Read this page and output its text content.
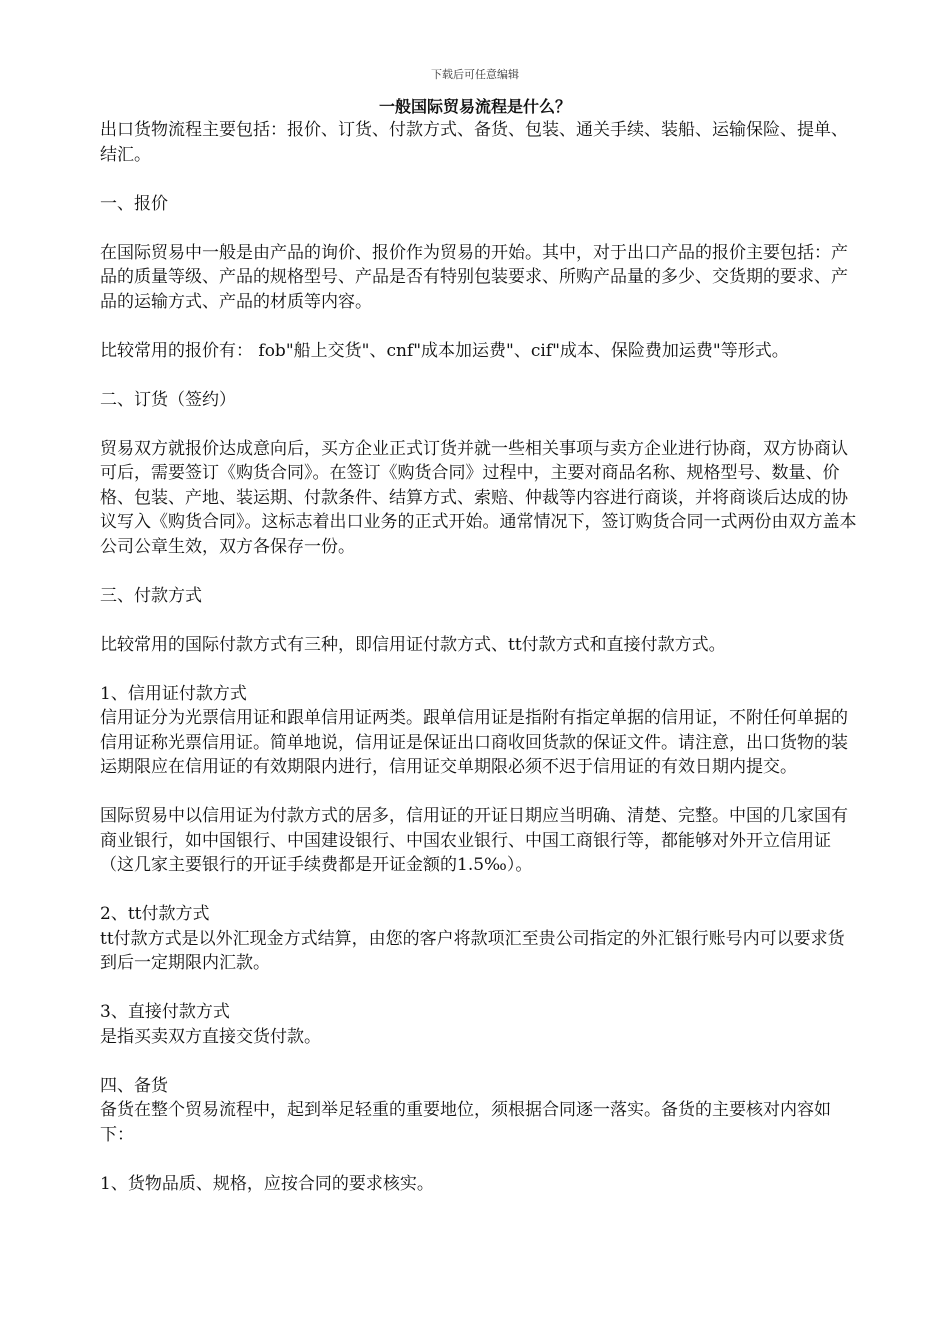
下载后可任意编辑
一般国际贸易流程是什么？

出口货物流程主要包括：报价、订货、付款方式、备货、包装、通关手续、装船、运输保险、提单、结汇。

一、报价

在国际贸易中一般是由产品的询价、报价作为贸易的开始。其中，对于出口产品的报价主要包括：产品的质量等级、产品的规格型号、产品是否有特别包装要求、所购产品量的多少、交货期的要求、产品的运输方式、产品的材质等内容。

比较常用的报价有： fob"船上交货"、cnf"成本加运费"、cif"成本、保险费加运费"等形式。

二、订货（签约）

贸易双方就报价达成意向后，买方企业正式订货并就一些相关事项与卖方企业进行协商，双方协商认可后，需要签订《购货合同》。在签订《购货合同》过程中，主要对商品名称、规格型号、数量、价格、包装、产地、装运期、付款条件、结算方式、索赔、仲裁等内容进行商谈，并将商谈后达成的协议写入《购货合同》。这标志着出口业务的正式开始。通常情况下，签订购货合同一式两份由双方盖本公司公章生效，双方各保存一份。

三、付款方式

比较常用的国际付款方式有三种，即信用证付款方式、tt付款方式和直接付款方式。

1、信用证付款方式

信用证分为光票信用证和跟单信用证两类。跟单信用证是指附有指定单据的信用证，不附任何单据的信用证称光票信用证。简单地说，信用证是保证出口商收回货款的保证文件。请注意，出口货物的装运期限应在信用证的有效期限内进行，信用证交单期限必须不迟于信用证的有效日期内提交。

国际贸易中以信用证为付款方式的居多，信用证的开证日期应当明确、清楚、完整。中国的几家国有商业银行，如中国银行、中国建设银行、中国农业银行、中国工商银行等，都能够对外开立信用证（这几家主要银行的开证手续费都是开证金额的1.5‰）。

2、tt付款方式

tt付款方式是以外汇现金方式结算，由您的客户将款项汇至贵公司指定的外汇银行账号内可以要求货到后一定期限内汇款。

3、直接付款方式

是指买卖双方直接交货付款。

四、备货

备货在整个贸易流程中，起到举足轻重的重要地位，须根据合同逐一落实。备货的主要核对内容如下：

1、货物品质、规格，应按合同的要求核实。
